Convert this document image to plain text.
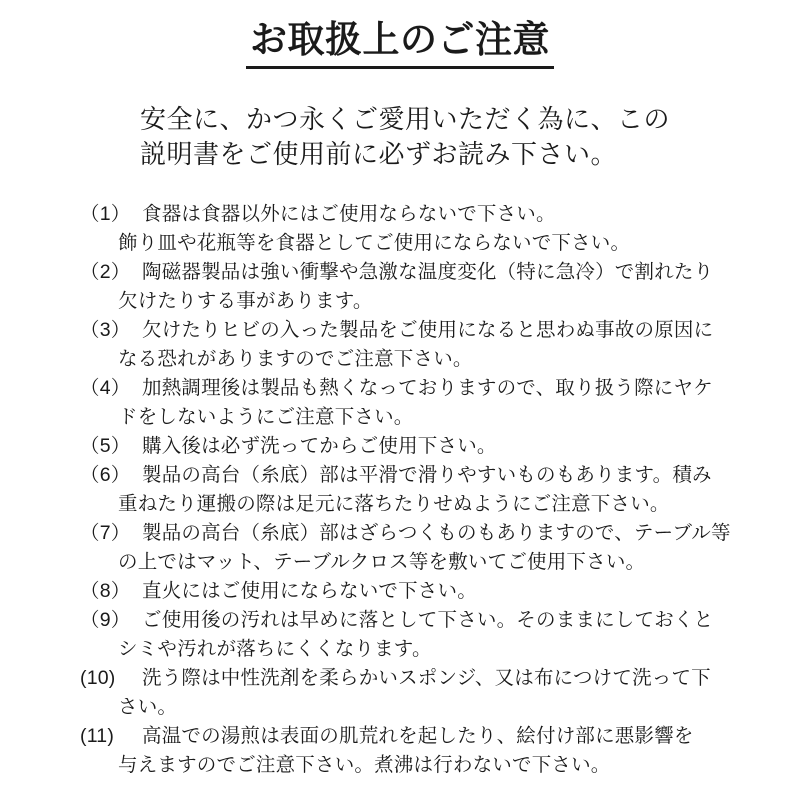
お取扱上のご注意
安全に、かつ永くご愛用いただく為に、この
説明書をご使用前に必ずお読み下さい。
（1） 食器は食器以外にはご使用ならないで下さい。
飾り皿や花瓶等を食器としてご使用にならないで下さい。
（2） 陶磁器製品は強い衝撃や急激な温度変化（特に急冷）で割れたり
欠けたりする事があります。
（3） 欠けたりヒビの入った製品をご使用になると思わぬ事故の原因に
なる恐れがありますのでご注意下さい。
（4） 加熱調理後は製品も熱くなっておりますので、取り扱う際にヤケ
ドをしないようにご注意下さい。
（5） 購入後は必ず洗ってからご使用下さい。
（6） 製品の高台（糸底）部は平滑で滑りやすいものもあります。積み
重ねたり運搬の際は足元に落ちたりせぬようにご注意下さい。
（7） 製品の高台（糸底）部はざらつくものもありますので、テーブル等
の上ではマット、テーブルクロス等を敷いてご使用下さい。
（8） 直火にはご使用にならないで下さい。
（9） ご使用後の汚れは早めに落として下さい。そのままにしておくと
シミや汚れが落ちにくくなります。
(10)	洗う際は中性洗剤を柔らかいスポンジ、又は布につけて洗って下
さい。
(11)	高温での湯煎は表面の肌荒れを起したり、絵付け部に悪影響を
与えますのでご注意下さい。煮沸は行わないで下さい。
